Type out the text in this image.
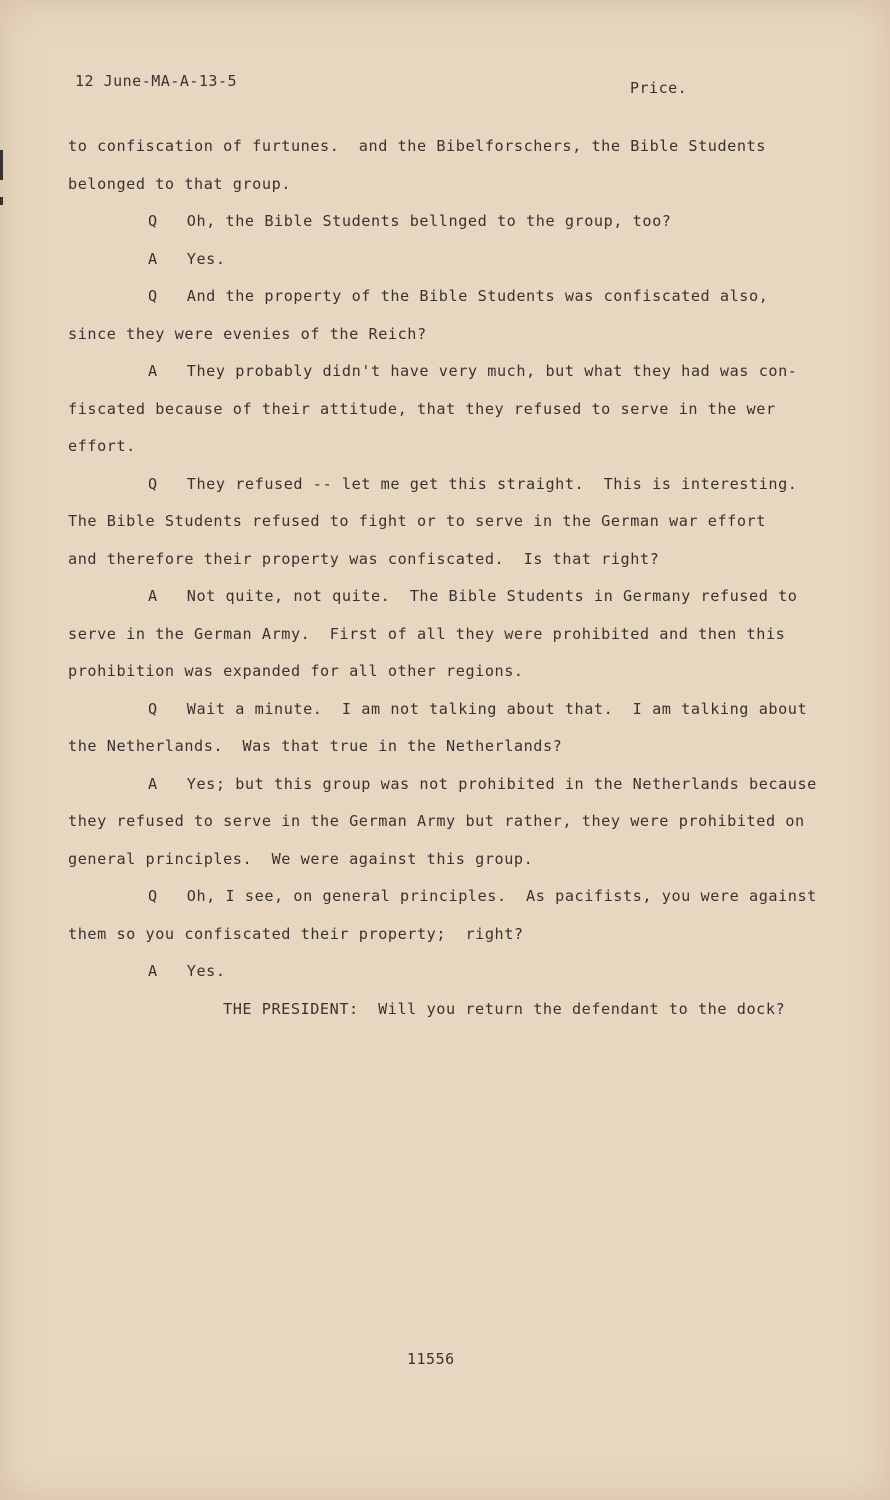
12 June-MA-A-13-5	Price.
to confiscation of furtunes.  and the Bibelforschers, the Bible Students
belonged to that group.
Q   Oh, the Bible Students bellnged to the group, too?
A   Yes.
Q   And the property of the Bible Students was confiscated also,
since they were evenies of the Reich?
A   They probably didn't have very much, but what they had was con-
fiscated because of their attitude, that they refused to serve in the wer
effort.
Q   They refused -- let me get this straight.  This is interesting.
The Bible Students refused to fight or to serve in the German war effort
and therefore their property was confiscated.  Is that right?
A   Not quite, not quite.  The Bible Students in Germany refused to
serve in the German Army.  First of all they were prohibited and then this
prohibition was expanded for all other regions.
Q   Wait a minute.  I am not talking about that.  I am talking about
the Netherlands.  Was that true in the Netherlands?
A   Yes; but this group was not prohibited in the Netherlands because
they refused to serve in the German Army but rather, they were prohibited on
general principles.  We were against this group.
Q   Oh, I see, on general principles.  As pacifists, you were against
them so you confiscated their property;  right?
A   Yes.
THE PRESIDENT:  Will you return the defendant to the dock?
11556
